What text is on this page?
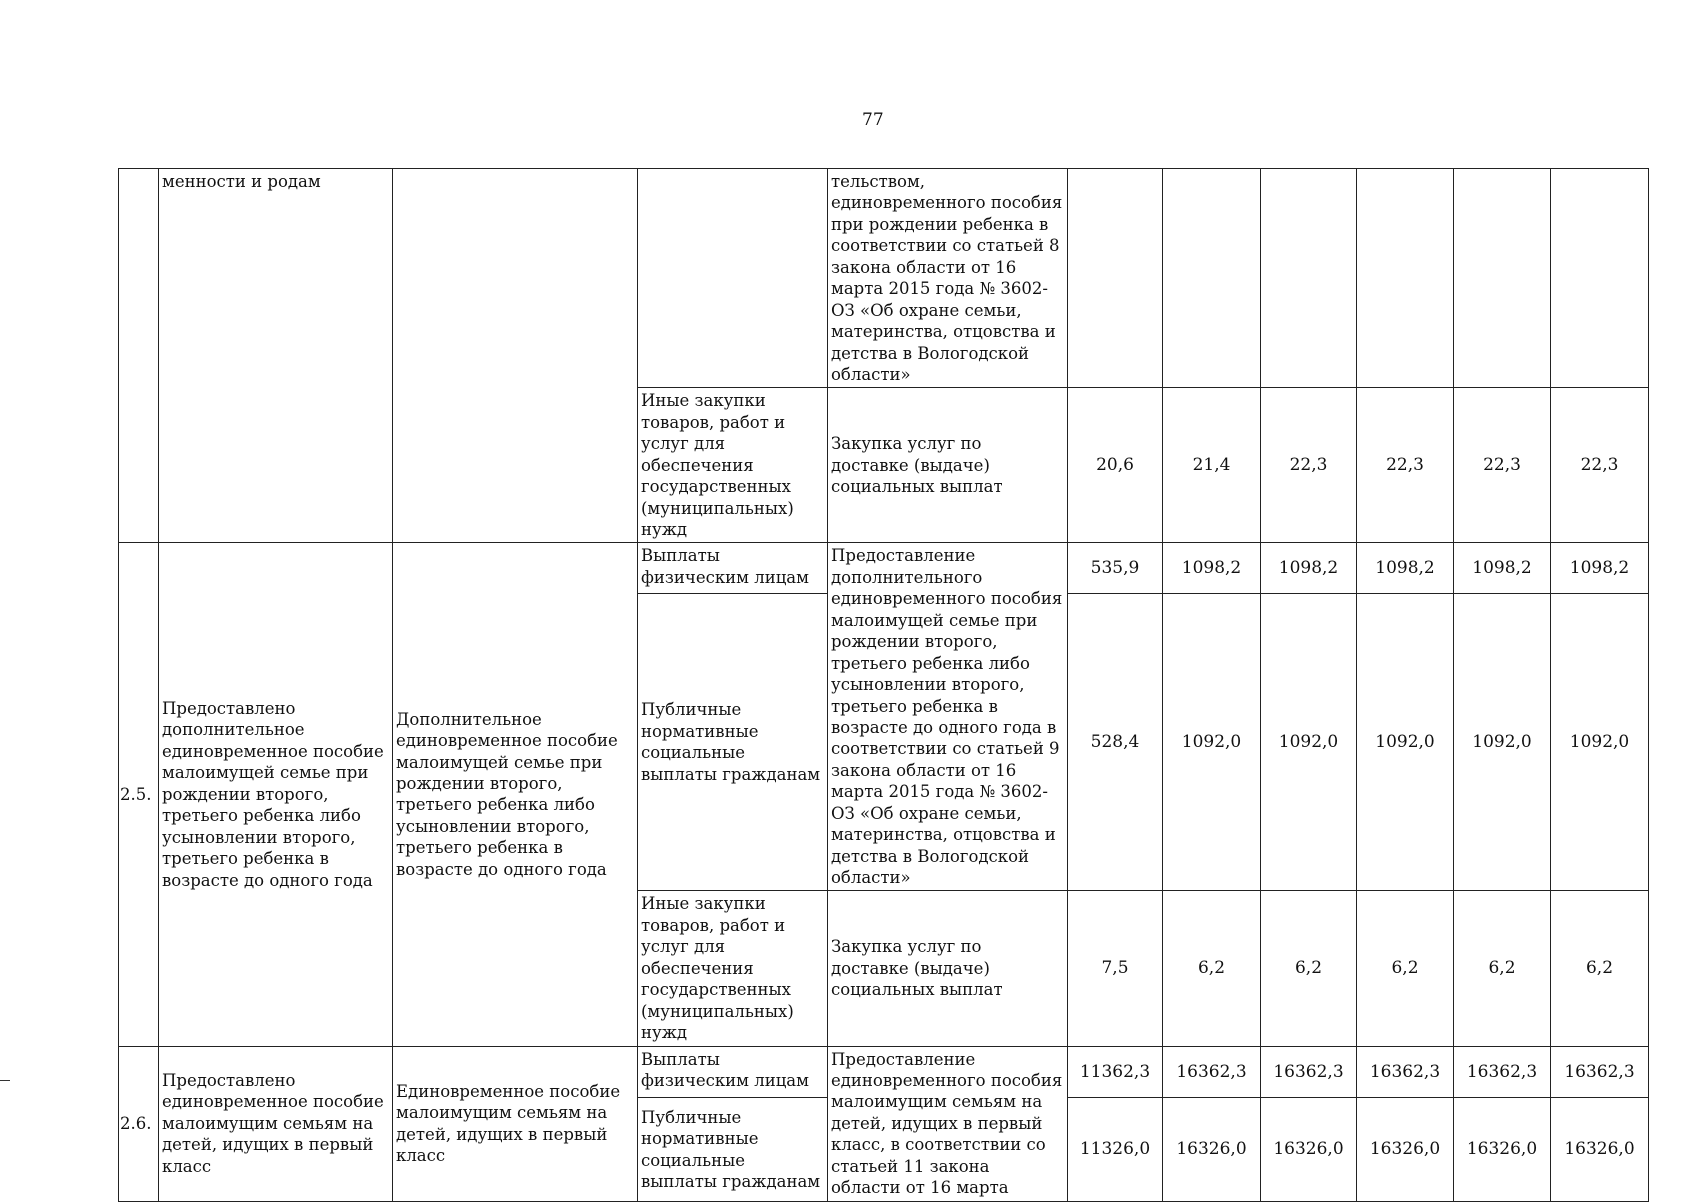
77
	менности и родам			тельством, единовременного пособия при рождении ребенка в соответствии со статьей 8 закона области от 16 марта 2015 года № 3602-ОЗ «Об охране семьи, материнства, отцовства и детства в Вологодской области»						
			Иные закупки товаров, работ и услуг для обеспечения государственных (муниципальных) нужд	Закупка услуг по доставке (выдаче) социальных выплат	20,6	21,4	22,3	22,3	22,3	22,3
2.5.	Предоставлено дополнительное единовременное пособие малоимущей семье при рождении второго, третьего ребенка либо усыновлении второго, третьего ребенка в возрасте до одного года	Дополнительное единовременное пособие малоимущей семье при рождении второго, третьего ребенка либо усыновлении второго, третьего ребенка в возрасте до одного года	Выплаты физическим лицам	Предоставление дополнительного единовременного пособия малоимущей семье при рождении второго, третьего ребенка либо усыновлении второго, третьего ребенка в возрасте до одного года в соответствии со статьей 9 закона области от 16 марта 2015 года № 3602-ОЗ «Об охране семьи, материнства, отцовства и детства в Вологодской области»	535,9	1098,2	1098,2	1098,2	1098,2	1098,2
			Публичные нормативные социальные выплаты гражданам		528,4	1092,0	1092,0	1092,0	1092,0	1092,0
			Иные закупки товаров, работ и услуг для обеспечения государственных (муниципальных) нужд	Закупка услуг по доставке (выдаче) социальных выплат	7,5	6,2	6,2	6,2	6,2	6,2
2.6.	Предоставлено единовременное пособие малоимущим семьям на детей, идущих в первый класс	Единовременное пособие малоимущим семьям на детей, идущих в первый класс	Выплаты физическим лицам	Предоставление единовременного пособия малоимущим семьям на детей, идущих в первый класс, в соответствии со статьей 11 закона области от 16 марта	11362,3	16362,3	16362,3	16362,3	16362,3	16362,3
			Публичные нормативные социальные выплаты гражданам		11326,0	16326,0	16326,0	16326,0	16326,0	16326,0
